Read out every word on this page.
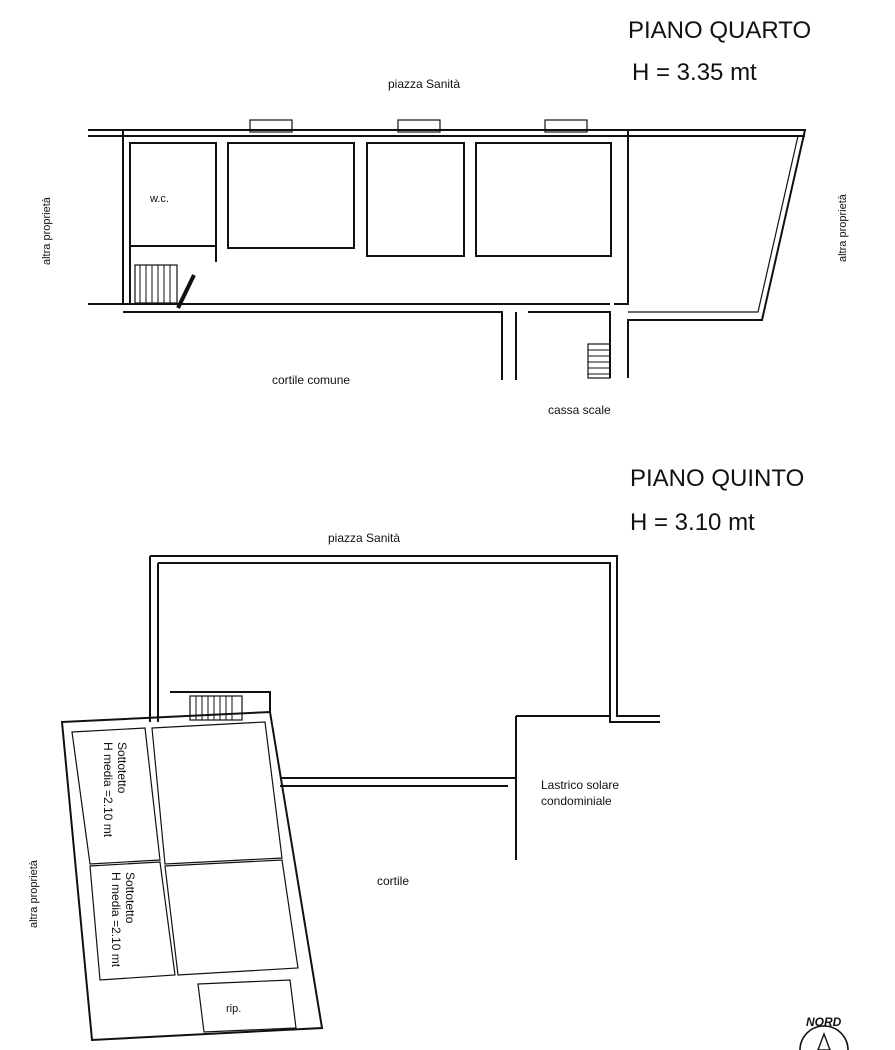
PIANO QUARTO
H = 3.35 mt
piazza Sanità
w.c.
cortile comune
cassa scale
altra proprietà	altra proprietà
PIANO QUINTO
H = 3.10 mt
piazza Sanità
Sottotetto
H media =2.10 mt
Sottotetto
H media =2.10 mt
rip.
Lastrico solare
condominiale
cortile
altra proprietà
NORD
